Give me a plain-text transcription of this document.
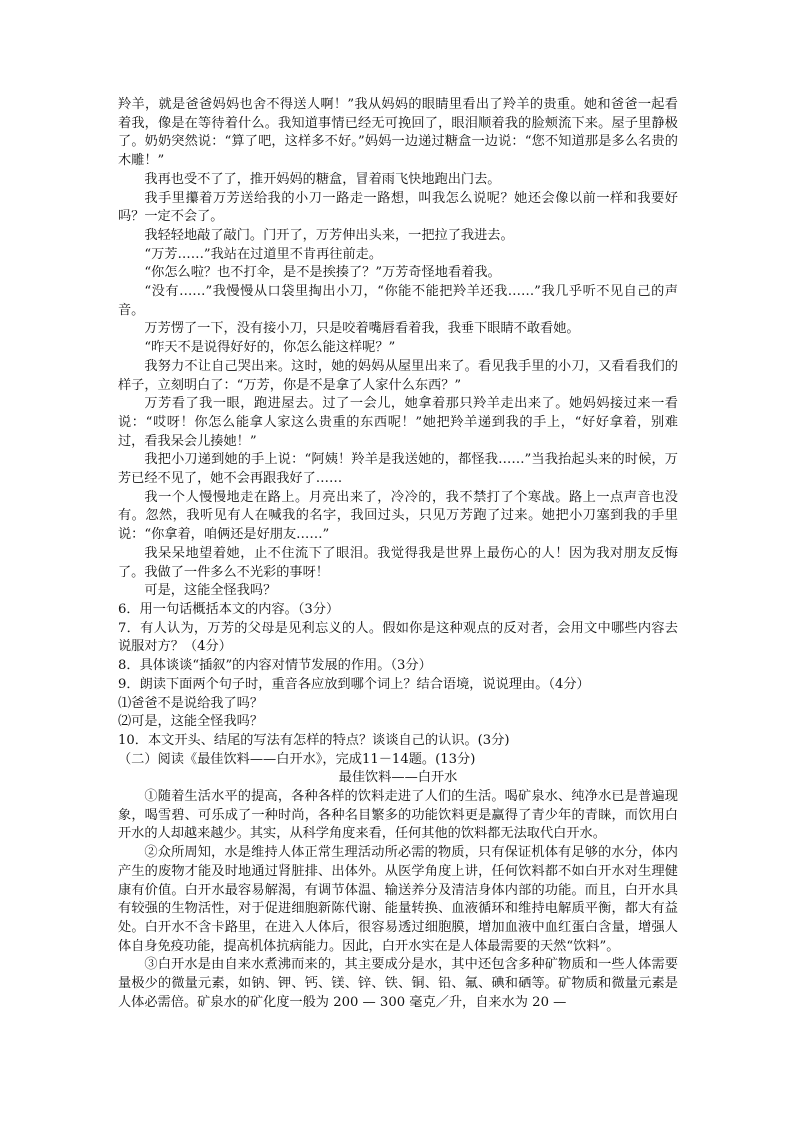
羚羊，就是爸爸妈妈也舍不得送人啊！”我从妈妈的眼睛里看出了羚羊的贵重。她和爸爸一起看着我，像是在等待着什么。我知道事情已经无可挽回了，眼泪顺着我的脸颊流下来。屋子里静极了。奶奶突然说：“算了吧，这样多不好。”妈妈一边递过糖盒一边说：“您不知道那是多么名贵的木雕！”

我再也受不了了，推开妈妈的糖盒，冒着雨飞快地跑出门去。

我手里攥着万芳送给我的小刀一路走一路想，叫我怎么说呢？她还会像以前一样和我要好吗？一定不会了。

我轻轻地敲了敲门。门开了，万芳伸出头来，一把拉了我进去。

“万芳……”我站在过道里不肯再往前走。

“你怎么啦？也不打伞，是不是挨揍了？”万芳奇怪地看着我。

“没有……”我慢慢从口袋里掏出小刀，“你能不能把羚羊还我……”我几乎听不见自己的声音。

万芳愣了一下，没有接小刀，只是咬着嘴唇看着我，我垂下眼睛不敢看她。

“昨天不是说得好好的，你怎么能这样呢？”

我努力不让自己哭出来。这时，她的妈妈从屋里出来了。看见我手里的小刀，又看看我们的样子，立刻明白了：“万芳，你是不是拿了人家什么东西？”

万芳看了我一眼，跑进屋去。过了一会儿，她拿着那只羚羊走出来了。她妈妈接过来一看说：“哎呀！你怎么能拿人家这么贵重的东西呢！”她把羚羊递到我的手上，“好好拿着，别难过，看我呆会儿揍她！”

我把小刀递到她的手上说：“阿姨！羚羊是我送她的，都怪我……”当我抬起头来的时候，万芳已经不见了，她不会再跟我好了……

我一个人慢慢地走在路上。月亮出来了，冷冷的，我不禁打了个寒战。路上一点声音也没有。忽然，我听见有人在喊我的名字，我回过头，只见万芳跑了过来。她把小刀塞到我的手里说：“你拿着，咱俩还是好朋友……”

我呆呆地望着她，止不住流下了眼泪。我觉得我是世界上最伤心的人！因为我对朋友反悔了。我做了一件多么不光彩的事呀！

可是，这能全怪我吗？

6．用一句话概括本文的内容。（3分）

7．有人认为，万芳的父母是见利忘义的人。假如你是这种观点的反对者，会用文中哪些内容去说服对方？（4分）

8．具体谈谈“插叙”的内容对情节发展的作用。（3分）

9．朗读下面两个句子时，重音各应放到哪个词上？结合语境，说说理由。（4分）

⑴爸爸不是说给我了吗？

⑵可是，这能全怪我吗？

10．本文开头、结尾的写法有怎样的特点？谈谈自己的认识。(3分)

（二）阅读《最佳饮料——白开水》，完成11－14题。(13分)

最佳饮料——白开水

①随着生活水平的提高，各种各样的饮料走进了人们的生活。喝矿泉水、纯净水已是普遍现象，喝雪碧、可乐成了一种时尚，各种名目繁多的功能饮料更是赢得了青少年的青睐，而饮用白开水的人却越来越少。其实，从科学角度来看，任何其他的饮料都无法取代白开水。

②众所周知，水是维持人体正常生理活动所必需的物质，只有保证机体有足够的水分，体内产生的废物才能及时地通过肾脏排、出体外。从医学角度上讲，任何饮料都不如白开水对生理健康有价值。白开水最容易解渴，有调节体温、输送养分及清洁身体内部的功能。而且，白开水具有较强的生物活性，对于促进细胞新陈代谢、能量转换、血液循环和维持电解质平衡，都大有益处。白开水不含卡路里，在进入人体后，很容易透过细胞膜，增加血液中血红蛋白含量，增强人体自身免疫功能，提高机体抗病能力。因此，白开水实在是人体最需要的天然“饮料”。

③白开水是由自来水煮沸而来的，其主要成分是水，其中还包含多种矿物质和一些人体需要量极少的微量元素，如钠、钾、钙、镁、锌、铁、铜、铅、氟、碘和硒等。矿物质和微量元素是人体必需倍。矿泉水的矿化度一般为 200 — 300 毫克／升，自来水为 20 —
